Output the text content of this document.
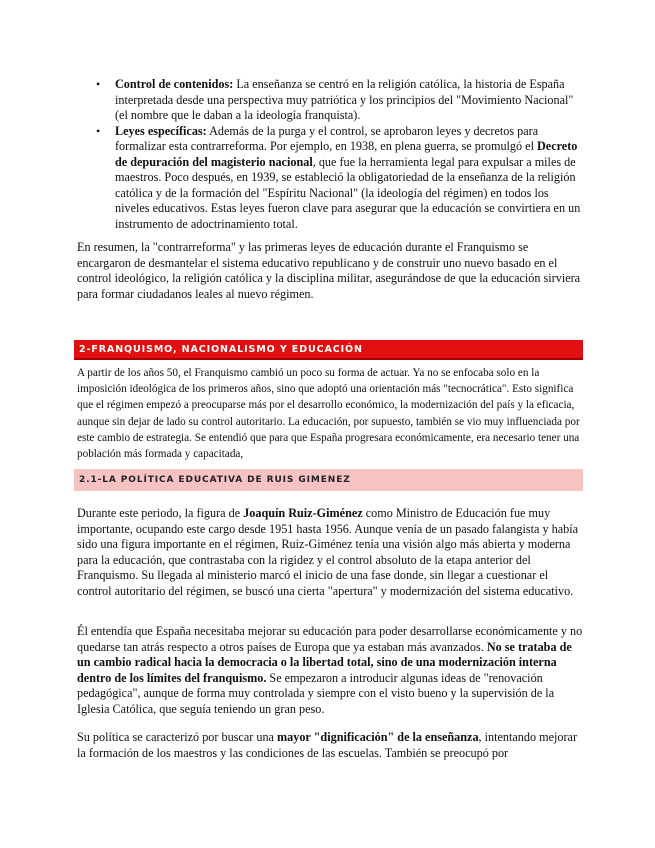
• Control de contenidos: La enseñanza se centró en la religión católica, la historia de España interpretada desde una perspectiva muy patriótica y los principios del "Movimiento Nacional" (el nombre que le daban a la ideología franquista).
• Leyes específicas: Además de la purga y el control, se aprobaron leyes y decretos para formalizar esta contrarreforma. Por ejemplo, en 1938, en plena guerra, se promulgó el Decreto de depuración del magisterio nacional, que fue la herramienta legal para expulsar a miles de maestros. Poco después, en 1939, se estableció la obligatoriedad de la enseñanza de la religión católica y de la formación del "Espíritu Nacional" (la ideología del régimen) en todos los niveles educativos. Estas leyes fueron clave para asegurar que la educación se convirtiera en un instrumento de adoctrinamiento total.

En resumen, la "contrarreforma" y las primeras leyes de educación durante el Franquismo se encargaron de desmantelar el sistema educativo republicano y de construir uno nuevo basado en el control ideológico, la religión católica y la disciplina militar, asegurándose de que la educación sirviera para formar ciudadanos leales al nuevo régimen.

2-FRANQUISMO, NACIONALISMO Y EDUCACIÓN

A partir de los años 50, el Franquismo cambió un poco su forma de actuar. Ya no se enfocaba solo en la imposición ideológica de los primeros años, sino que adoptó una orientación más "tecnocrática". Esto significa que el régimen empezó a preocuparse más por el desarrollo económico, la modernización del país y la eficacia, aunque sin dejar de lado su control autoritario. La educación, por supuesto, también se vio muy influenciada por este cambio de estrategia. Se entendió que para que España progresara económicamente, era necesario tener una población más formada y capacitada,

2.1-LA POLÍTICA EDUCATIVA DE RUIS GIMENEZ

Durante este periodo, la figura de Joaquín Ruiz-Giménez como Ministro de Educación fue muy importante, ocupando este cargo desde 1951 hasta 1956. Aunque venía de un pasado falangista y había sido una figura importante en el régimen, Ruiz-Giménez tenía una visión algo más abierta y moderna para la educación, que contrastaba con la rigidez y el control absoluto de la etapa anterior del Franquismo. Su llegada al ministerio marcó el inicio de una fase donde, sin llegar a cuestionar el control autoritario del régimen, se buscó una cierta "apertura" y modernización del sistema educativo.

Él entendía que España necesitaba mejorar su educación para poder desarrollarse económicamente y no quedarse tan atrás respecto a otros países de Europa que ya estaban más avanzados. No se trataba de un cambio radical hacia la democracia o la libertad total, sino de una modernización interna dentro de los límites del franquismo. Se empezaron a introducir algunas ideas de "renovación pedagógica", aunque de forma muy controlada y siempre con el visto bueno y la supervisión de la Iglesia Católica, que seguía teniendo un gran peso.

Su política se caracterizó por buscar una mayor "dignificación" de la enseñanza, intentando mejorar la formación de los maestros y las condiciones de las escuelas. También se preocupó por
